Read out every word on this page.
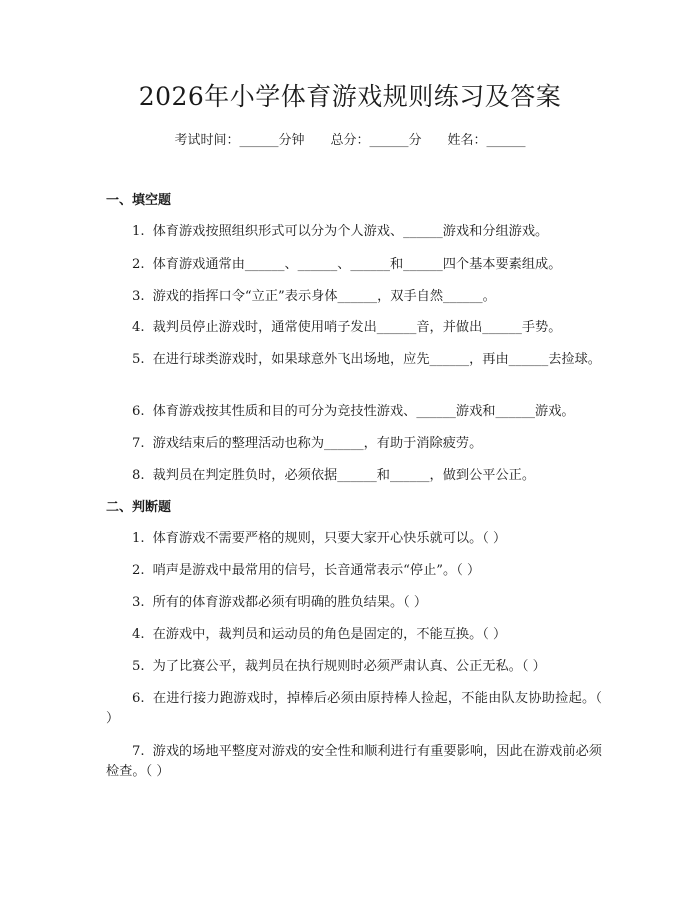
2026年小学体育游戏规则练习及答案
考试时间：______分钟 总分：______分 姓名：______
一、填空题
1. 体育游戏按照组织形式可以分为个人游戏、______游戏和分组游戏。
2. 体育游戏通常由______、______、______和______四个基本要素组成。
3. 游戏的指挥口令“立正”表示身体______，双手自然______。
4. 裁判员停止游戏时，通常使用哨子发出______音，并做出______手势。
5. 在进行球类游戏时，如果球意外飞出场地，应先______，再由______去捡球。
6. 体育游戏按其性质和目的可分为竞技性游戏、______游戏和______游戏。
7. 游戏结束后的整理活动也称为______，有助于消除疲劳。
8. 裁判员在判定胜负时，必须依据______和______，做到公平公正。
二、判断题
1. 体育游戏不需要严格的规则，只要大家开心快乐就可以。（ ）
2. 哨声是游戏中最常用的信号，长音通常表示“停止”。（ ）
3. 所有的体育游戏都必须有明确的胜负结果。（ ）
4. 在游戏中，裁判员和运动员的角色是固定的，不能互换。（ ）
5. 为了比赛公平，裁判员在执行规则时必须严肃认真、公正无私。（ ）
6. 在进行接力跑游戏时，掉棒后必须由原持棒人捡起，不能由队友协助捡起。（ ）
7. 游戏的场地平整度对游戏的安全性和顺利进行有重要影响，因此在游戏前必须检查。（ ）
